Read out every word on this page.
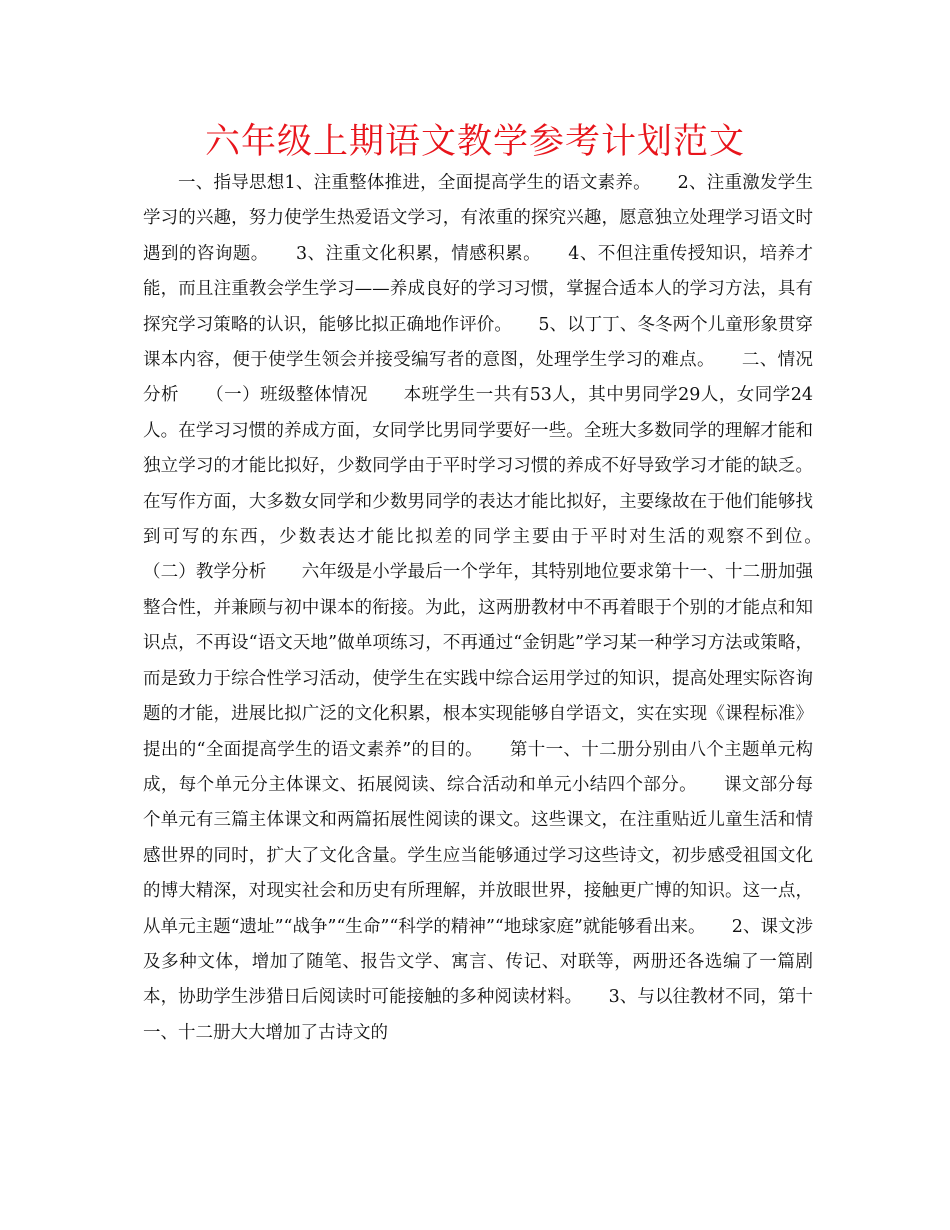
六年级上期语文教学参考计划范文

一、指导思想1、注重整体推进，全面提高学生的语文素养。　　2、注重激发学生学习的兴趣，努力使学生热爱语文学习，有浓重的探究兴趣，愿意独立处理学习语文时遇到的咨询题。　　3、注重文化积累，情感积累。　　4、不但注重传授知识，培养才能，而且注重教会学生学习——养成良好的学习习惯，掌握合适本人的学习方法，具有探究学习策略的认识，能够比拟正确地作评价。　　5、以丁丁、冬冬两个儿童形象贯穿课本内容，便于使学生领会并接受编写者的意图，处理学生学习的难点。　　二、情况分析　　（一）班级整体情况　　本班学生一共有53人，其中男同学29人，女同学24人。在学习习惯的养成方面，女同学比男同学要好一些。全班大多数同学的理解才能和独立学习的才能比拟好，少数同学由于平时学习习惯的养成不好导致学习才能的缺乏。在写作方面，大多数女同学和少数男同学的表达才能比拟好，主要缘故在于他们能够找到可写的东西，少数表达才能比拟差的同学主要由于平时对生活的观察不到位。　　（二）教学分析　　六年级是小学最后一个学年，其特别地位要求第十一、十二册加强整合性，并兼顾与初中课本的衔接。为此，这两册教材中不再着眼于个别的才能点和知识点，不再设“语文天地”做单项练习，不再通过“金钥匙”学习某一种学习方法或策略，而是致力于综合性学习活动，使学生在实践中综合运用学过的知识，提高处理实际咨询题的才能，进展比拟广泛的文化积累，根本实现能够自学语文，实在实现《课程标准》提出的“全面提高学生的语文素养”的目的。　　第十一、十二册分别由八个主题单元构成，每个单元分主体课文、拓展阅读、综合活动和单元小结四个部分。　　课文部分每个单元有三篇主体课文和两篇拓展性阅读的课文。这些课文，在注重贴近儿童生活和情感世界的同时，扩大了文化含量。学生应当能够通过学习这些诗文，初步感受祖国文化的博大精深，对现实社会和历史有所理解，并放眼世界，接触更广博的知识。这一点，从单元主题“遗址”“战争”“生命”“科学的精神”“地球家庭”就能够看出来。　　2、课文涉及多种文体，增加了随笔、报告文学、寓言、传记、对联等，两册还各选编了一篇剧本，协助学生涉猎日后阅读时可能接触的多种阅读材料。　　3、与以往教材不同，第十一、十二册大大增加了古诗文的
